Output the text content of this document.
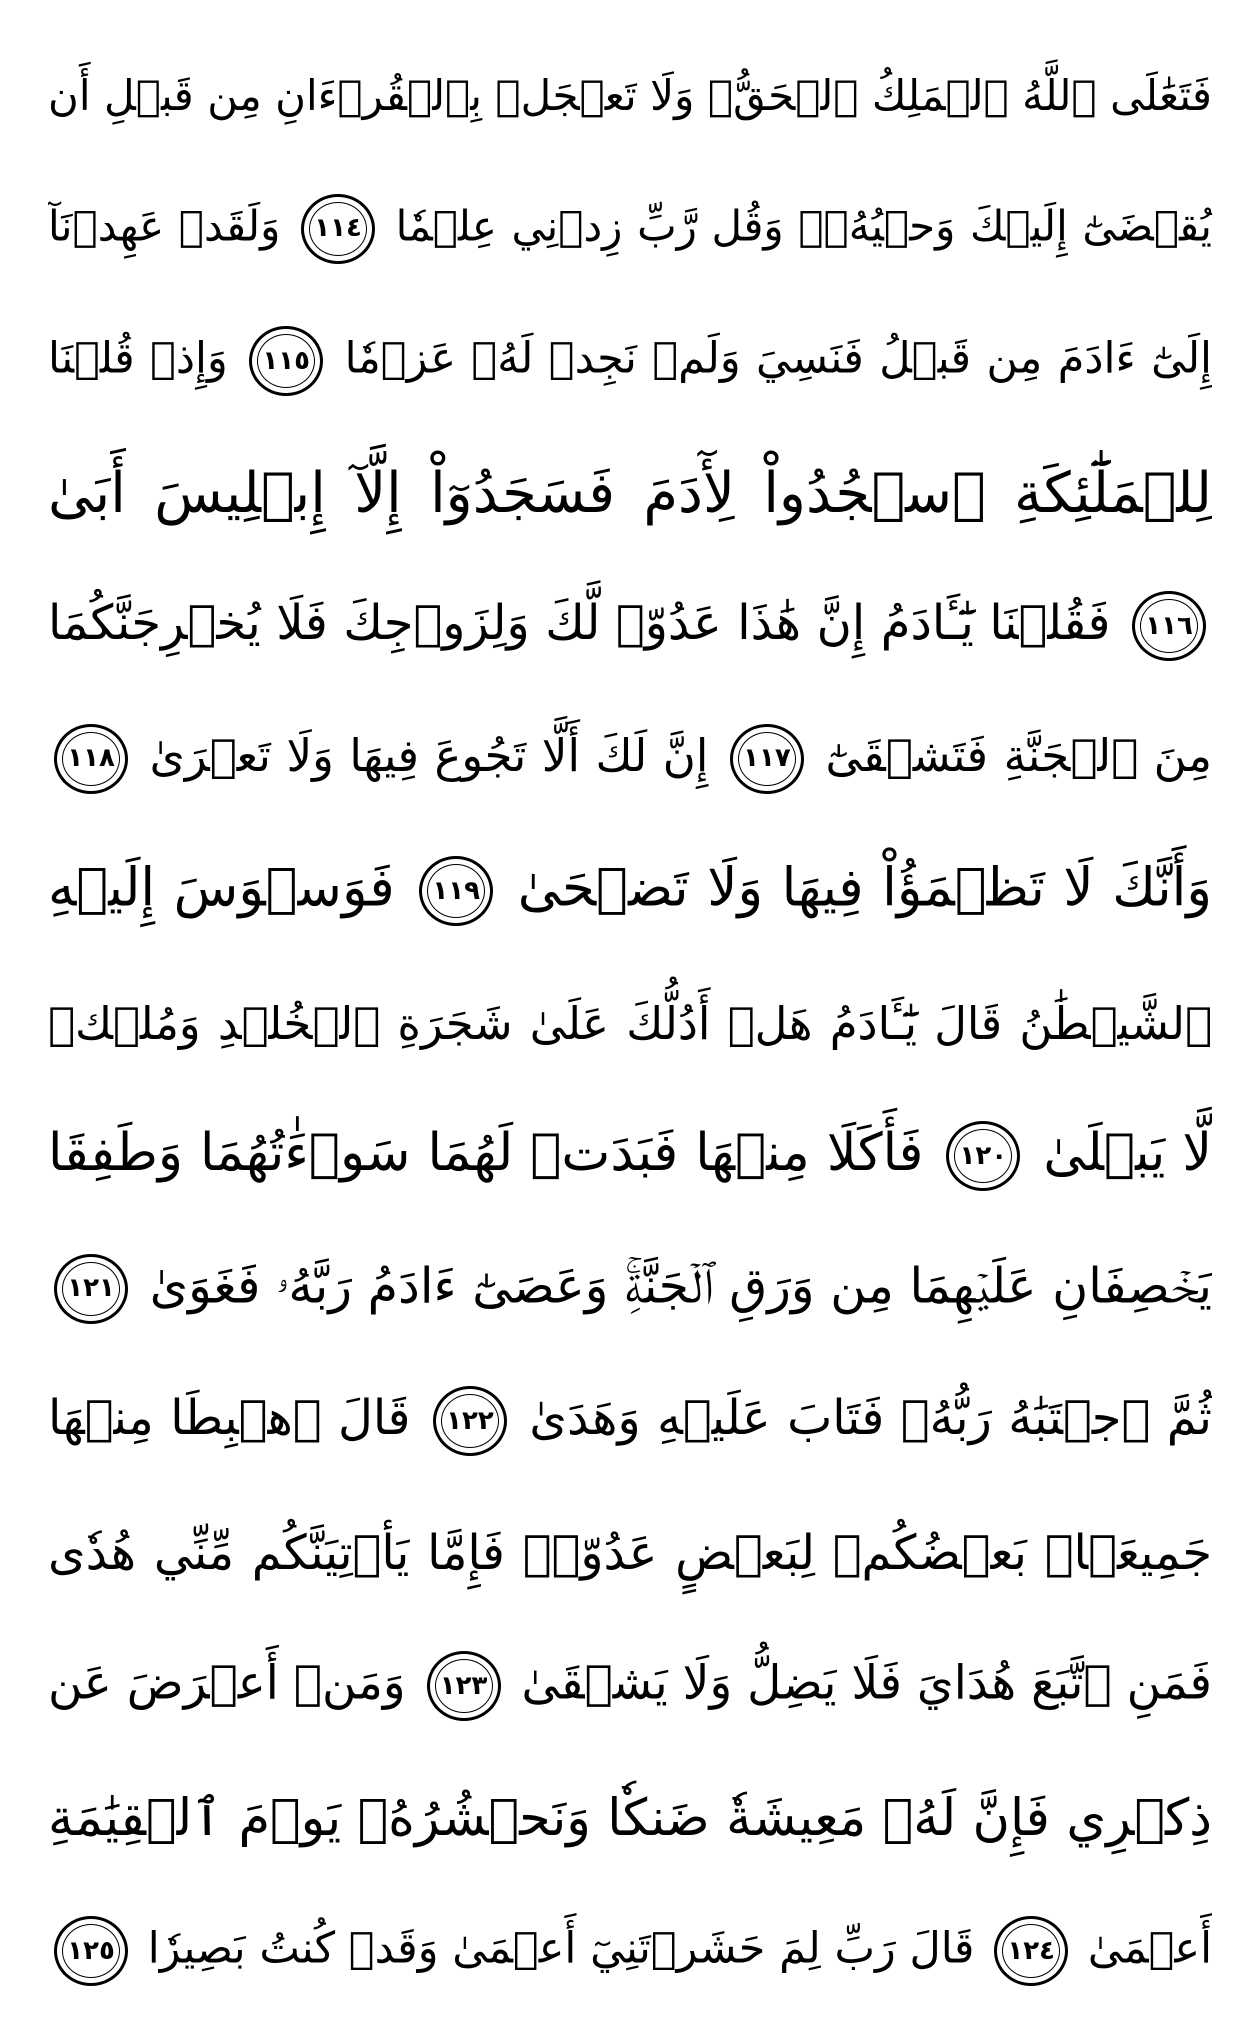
فَتَعَٰلَى ٱللَّهُ ٱلۡمَلِكُ ٱلۡحَقُّۗ وَلَا تَعۡجَلۡ بِٱلۡقُرۡءَانِ مِن قَبۡلِ أَن
يُقۡضَىٰٓ إِلَيۡكَ وَحۡيُهُۥۖ وَقُل رَّبِّ زِدۡنِي عِلۡمٗا
١١٤
وَلَقَدۡ عَهِدۡنَآ
إِلَىٰٓ ءَادَمَ مِن قَبۡلُ فَنَسِيَ وَلَمۡ نَجِدۡ لَهُۥ عَزۡمٗا
١١٥
وَإِذۡ قُلۡنَا
لِلۡمَلَٰٓئِكَةِ ٱسۡجُدُواْ لِأٓدَمَ فَسَجَدُوٓاْ إِلَّآ إِبۡلِيسَ أَبَىٰ
١١٦
فَقُلۡنَا يَٰٓـَٔادَمُ إِنَّ هَٰذَا عَدُوّٞ لَّكَ وَلِزَوۡجِكَ فَلَا يُخۡرِجَنَّكُمَا
مِنَ ٱلۡجَنَّةِ فَتَشۡقَىٰٓ
١١٧
إِنَّ لَكَ أَلَّا تَجُوعَ فِيهَا وَلَا تَعۡرَىٰ
١١٨
وَأَنَّكَ لَا تَظۡمَؤُاْ فِيهَا وَلَا تَضۡحَىٰ
١١٩
فَوَسۡوَسَ إِلَيۡهِ
ٱلشَّيۡطَٰنُ قَالَ يَٰٓـَٔادَمُ هَلۡ أَدُلُّكَ عَلَىٰ شَجَرَةِ ٱلۡخُلۡدِ وَمُلۡكٖ
لَّا يَبۡلَىٰ
١٢٠
فَأَكَلَا مِنۡهَا فَبَدَتۡ لَهُمَا سَوۡءَٰتُهُمَا وَطَفِقَا
يَخۡصِفَانِ عَلَيۡهِمَا مِن وَرَقِ ٱلۡجَنَّةِۚ وَعَصَىٰٓ ءَادَمُ رَبَّهُۥ فَغَوَىٰ
١٢١
ثُمَّ ٱجۡتَبَٰهُ رَبُّهُۥ فَتَابَ عَلَيۡهِ وَهَدَىٰ
١٢٢
قَالَ ٱهۡبِطَا مِنۡهَا
جَمِيعَۢاۖ بَعۡضُكُمۡ لِبَعۡضٍ عَدُوّٞۖ فَإِمَّا يَأۡتِيَنَّكُم مِّنِّي هُدٗى
فَمَنِ ٱتَّبَعَ هُدَايَ فَلَا يَضِلُّ وَلَا يَشۡقَىٰ
١٢٣
وَمَنۡ أَعۡرَضَ عَن
ذِكۡرِي فَإِنَّ لَهُۥ مَعِيشَةٗ ضَنكٗا وَنَحۡشُرُهُۥ يَوۡمَ ٱلۡقِيَٰمَةِ
أَعۡمَىٰ
١٢٤
قَالَ رَبِّ لِمَ حَشَرۡتَنِيٓ أَعۡمَىٰ وَقَدۡ كُنتُ بَصِيرٗا
١٢٥
